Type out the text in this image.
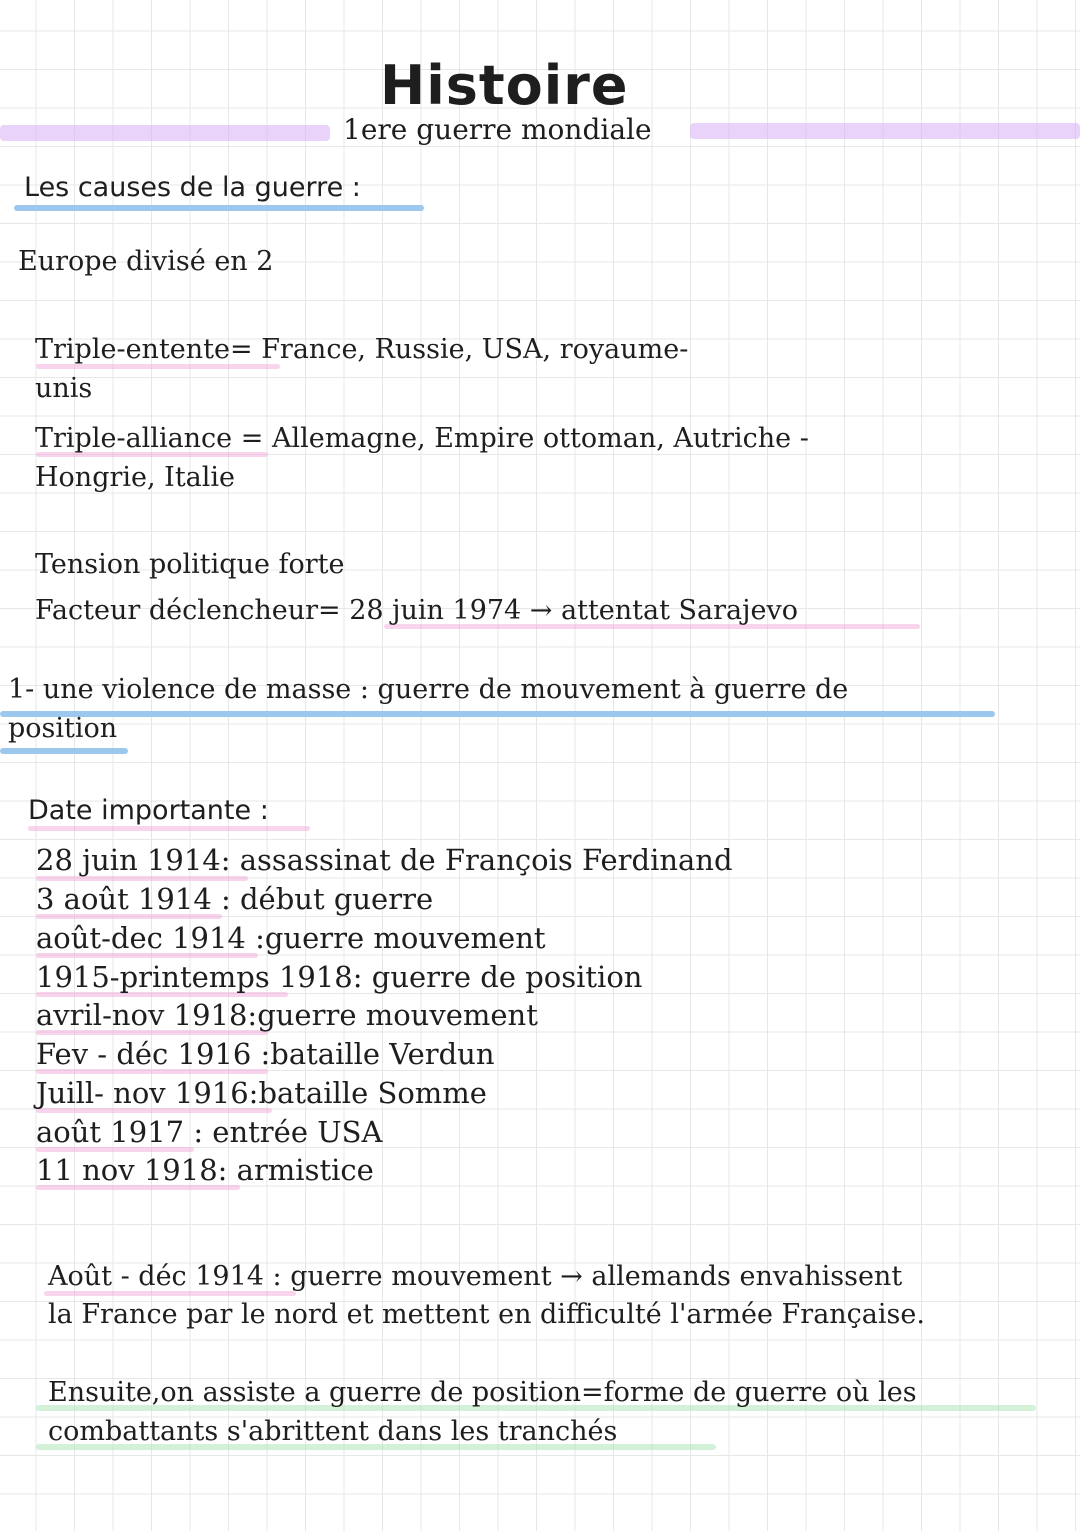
Histoire
1ere guerre mondiale
Les causes de la guerre :
Europe divisé en 2
Triple-entente= France, Russie, USA, royaume-
unis
Triple-alliance = Allemagne, Empire ottoman, Autriche -
Hongrie, Italie
Tension politique forte
Facteur déclencheur= 28 juin 1974 → attentat Sarajevo
1- une violence de masse : guerre de mouvement à guerre de
position
Date importante :
28 juin 1914: assassinat de François Ferdinand
3 août 1914 : début guerre
août-dec 1914 :guerre mouvement
1915-printemps 1918: guerre de position
avril-nov 1918:guerre mouvement
Fev - déc 1916 :bataille Verdun
Juill- nov 1916:bataille Somme
août 1917 : entrée USA
11 nov 1918: armistice
Août - déc 1914 : guerre mouvement → allemands envahissent
la France par le nord et mettent en difficulté l'armée Française.
Ensuite,on assiste a guerre de position=forme de guerre où les
combattants s'abrittent dans les tranchés
